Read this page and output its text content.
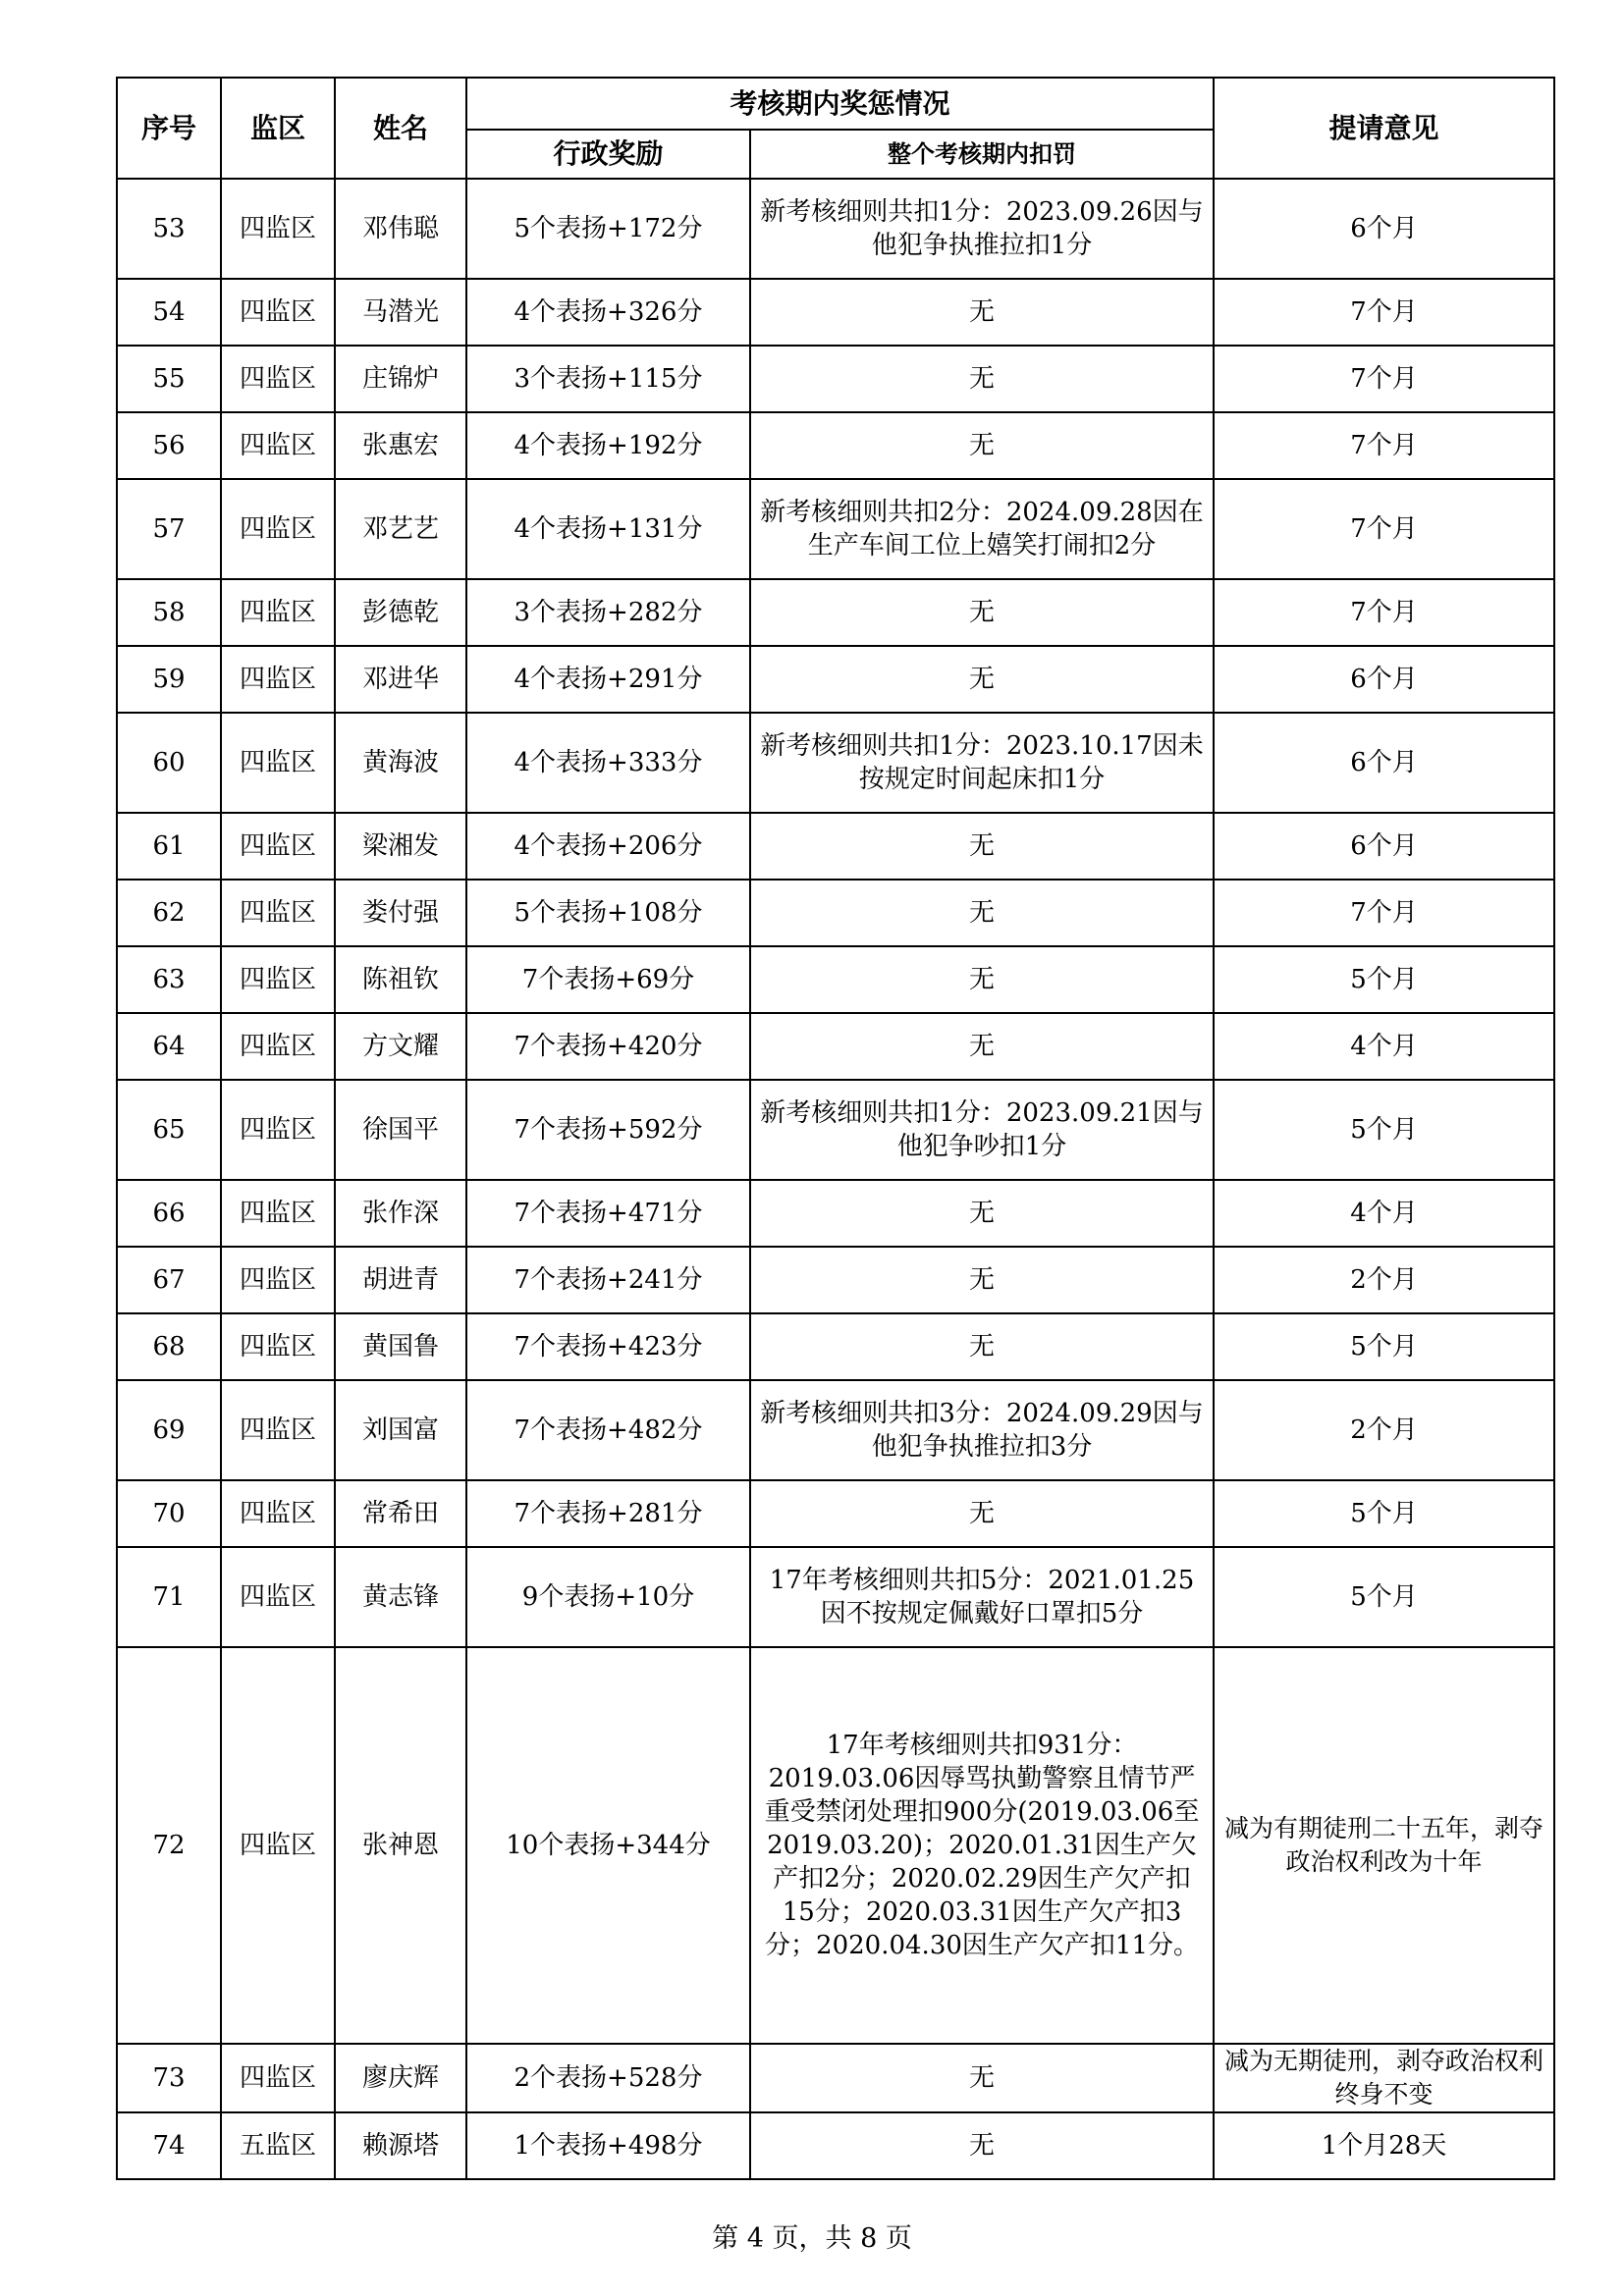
序号	监区	姓名	考核期内奖惩情况		提请意见
			行政奖励	整个考核期内扣罚	
53	四监区	邓伟聪	5个表扬+172分	新考核细则共扣1分：2023.09.26因与他犯争执推拉扣1分	6个月
54	四监区	马潜光	4个表扬+326分	无	7个月
55	四监区	庄锦炉	3个表扬+115分	无	7个月
56	四监区	张惠宏	4个表扬+192分	无	7个月
57	四监区	邓艺艺	4个表扬+131分	新考核细则共扣2分：2024.09.28因在生产车间工位上嬉笑打闹扣2分	7个月
58	四监区	彭德乾	3个表扬+282分	无	7个月
59	四监区	邓进华	4个表扬+291分	无	6个月
60	四监区	黄海波	4个表扬+333分	新考核细则共扣1分：2023.10.17因未按规定时间起床扣1分	6个月
61	四监区	梁湘发	4个表扬+206分	无	6个月
62	四监区	娄付强	5个表扬+108分	无	7个月
63	四监区	陈祖钦	7个表扬+69分	无	5个月
64	四监区	方文耀	7个表扬+420分	无	4个月
65	四监区	徐国平	7个表扬+592分	新考核细则共扣1分：2023.09.21因与他犯争吵扣1分	5个月
66	四监区	张作深	7个表扬+471分	无	4个月
67	四监区	胡进青	7个表扬+241分	无	2个月
68	四监区	黄国鲁	7个表扬+423分	无	5个月
69	四监区	刘国富	7个表扬+482分	新考核细则共扣3分：2024.09.29因与他犯争执推拉扣3分	2个月
70	四监区	常希田	7个表扬+281分	无	5个月
71	四监区	黄志锋	9个表扬+10分	17年考核细则共扣5分：2021.01.25因不按规定佩戴好口罩扣5分	5个月
72	四监区	张神恩	10个表扬+344分	17年考核细则共扣931分：2019.03.06因辱骂执勤警察且情节严重受禁闭处理扣900分(2019.03.06至2019.03.20)；2020.01.31因生产欠产扣2分；2020.02.29因生产欠产扣15分；2020.03.31因生产欠产扣3分；2020.04.30因生产欠产扣11分。	减为有期徒刑二十五年，剥夺政治权利改为十年
73	四监区	廖庆辉	2个表扬+528分	无	减为无期徒刑，剥夺政治权利终身不变
74	五监区	赖源塔	1个表扬+498分	无	1个月28天
第 4 页，共 8 页
